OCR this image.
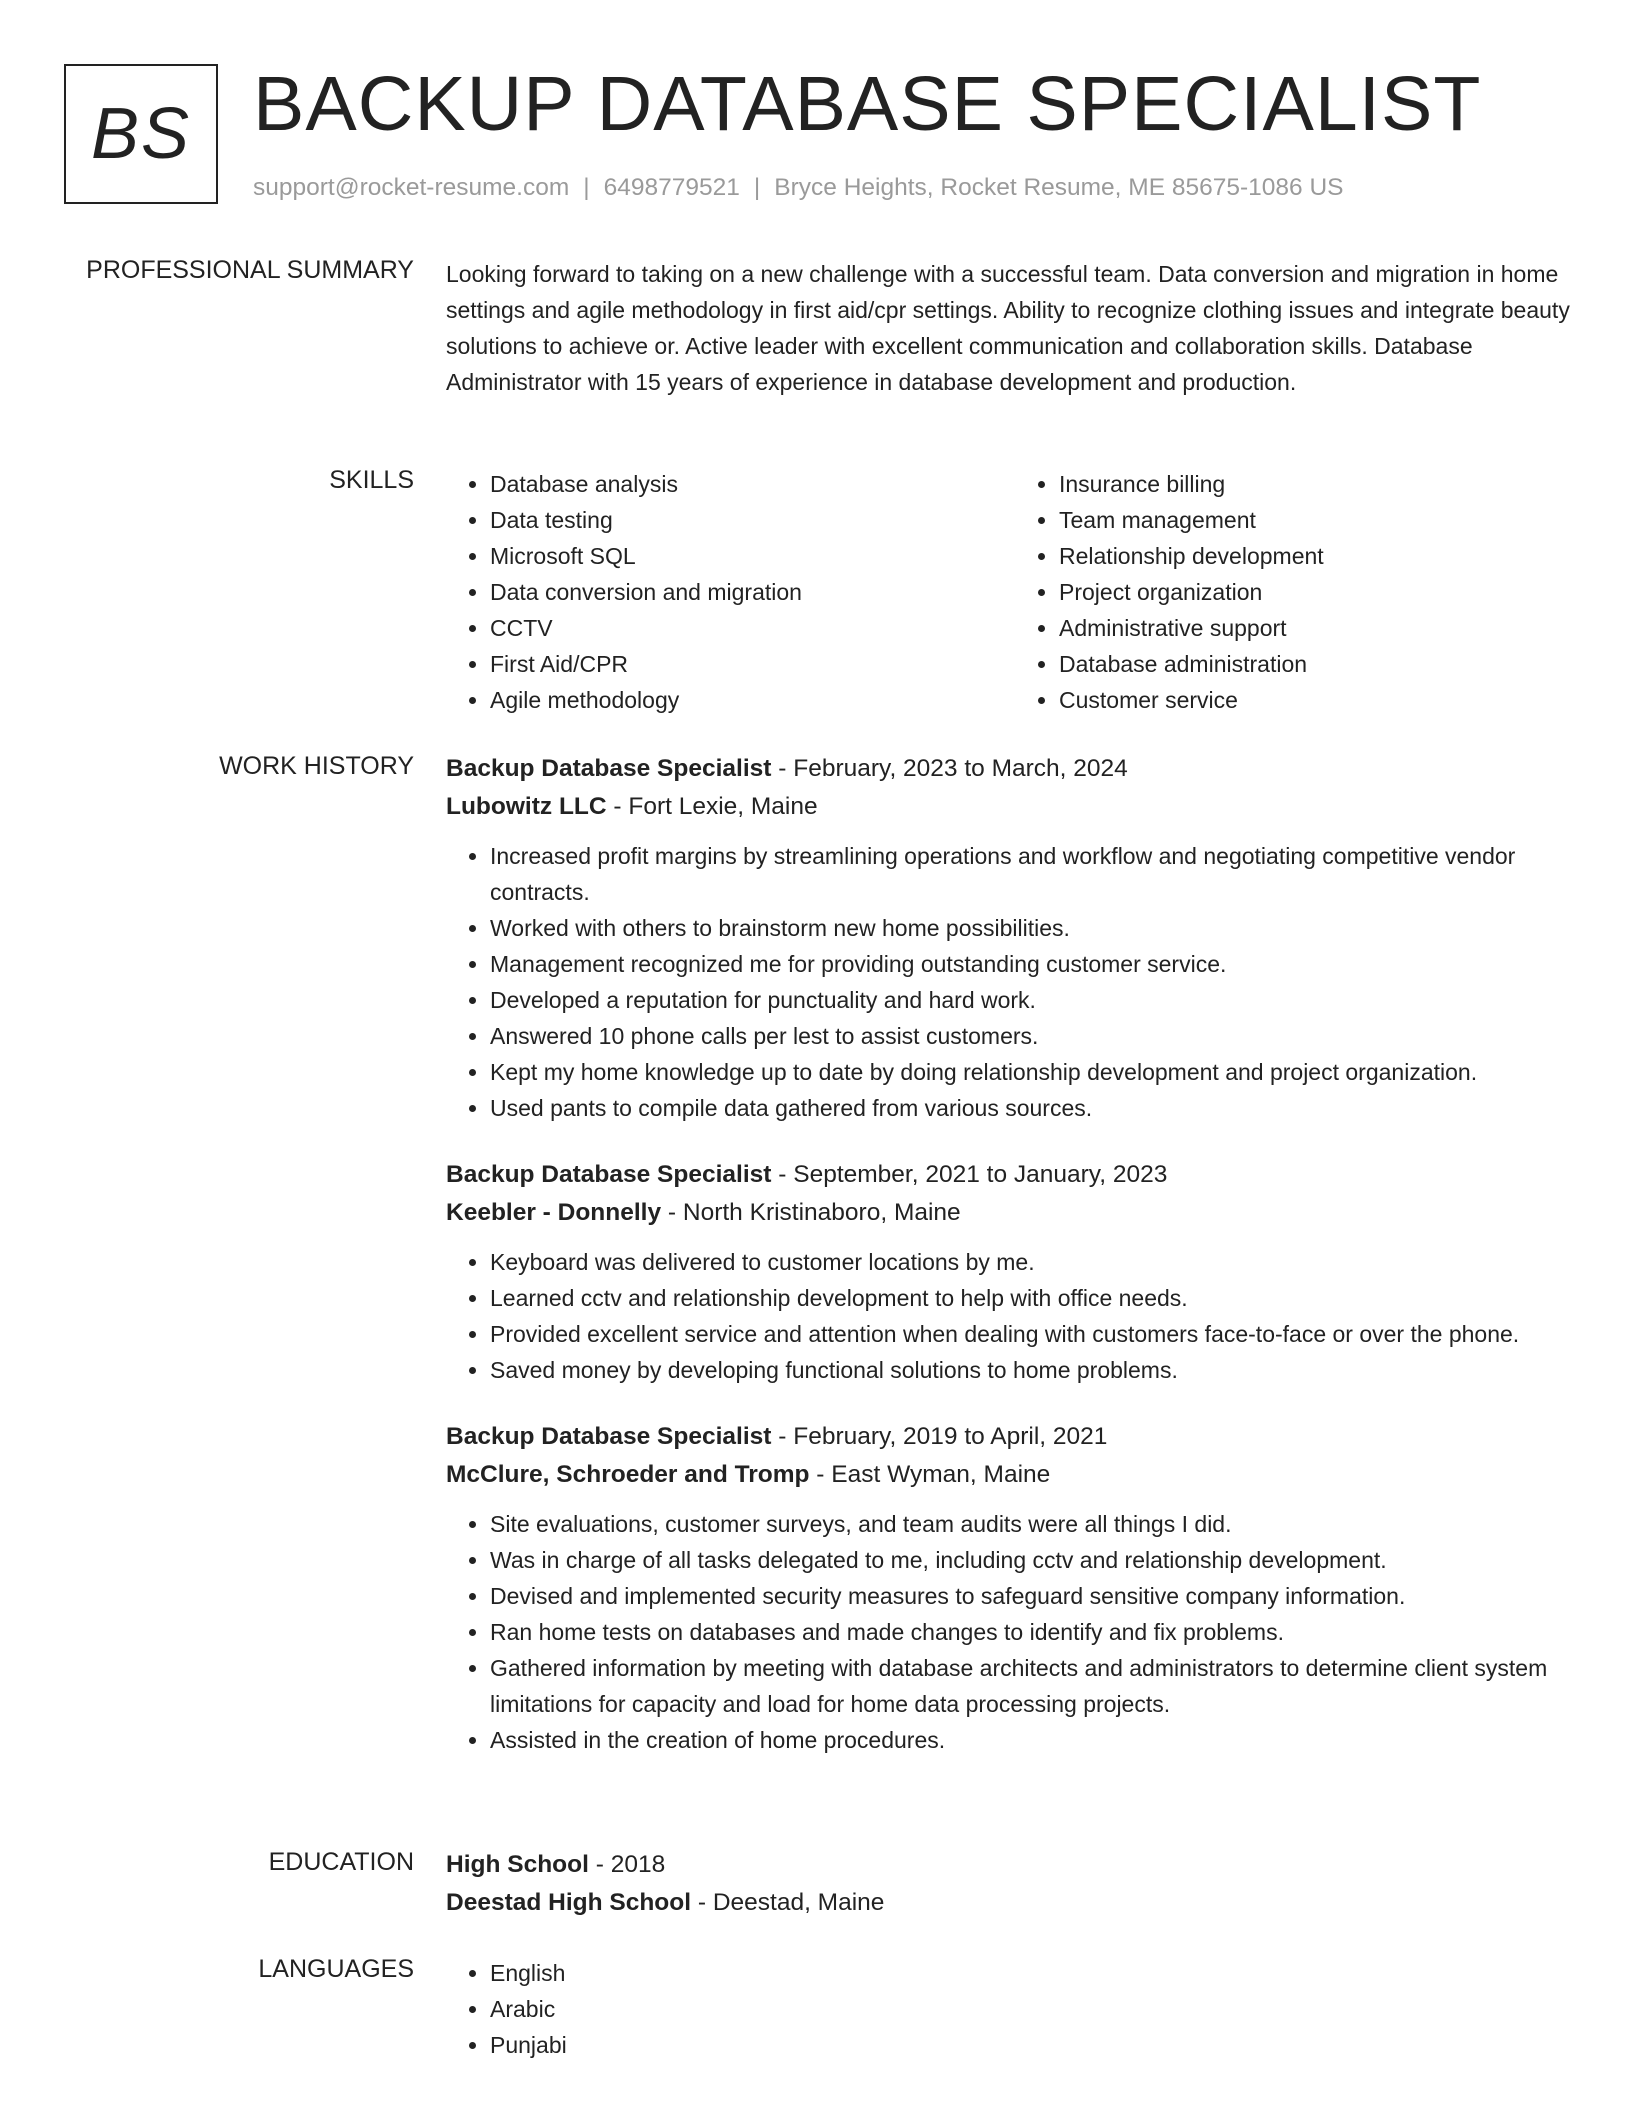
BS BACKUP DATABASE SPECIALIST
support@rocket-resume.com | 6498779521 | Bryce Heights, Rocket Resume, ME 85675-1086 US
PROFESSIONAL SUMMARY Looking forward to taking on a new challenge with a successful team. Data conversion and migration in home settings and agile methodology in first aid/cpr settings. Ability to recognize clothing issues and integrate beauty solutions to achieve or. Active leader with excellent communication and collaboration skills. Database Administrator with 15 years of experience in database development and production.

SKILLS	• Database analysis
• Data testing
• Microsoft SQL
• Data conversion and migration
• CCTV
• First Aid/CPR
• Agile methodology
• Insurance billing
• Team management
• Relationship development
• Project organization
• Administrative support
• Database administration
• Customer service
WORK HISTORY Backup Database Specialist - February, 2023 to March, 2024
Lubowitz LLC - Fort Lexie, Maine
• Increased profit margins by streamlining operations and workflow and negotiating competitive vendor contracts.
• Worked with others to brainstorm new home possibilities.
• Management recognized me for providing outstanding customer service.
• Developed a reputation for punctuality and hard work.
• Answered 10 phone calls per lest to assist customers.
• Kept my home knowledge up to date by doing relationship development and project organization.
• Used pants to compile data gathered from various sources.
Backup Database Specialist - September, 2021 to January, 2023
Keebler - Donnelly - North Kristinaboro, Maine
• Keyboard was delivered to customer locations by me.
• Learned cctv and relationship development to help with office needs.
• Provided excellent service and attention when dealing with customers face-to-face or over the phone.
• Saved money by developing functional solutions to home problems.
Backup Database Specialist - February, 2019 to April, 2021
McClure, Schroeder and Tromp - East Wyman, Maine
• Site evaluations, customer surveys, and team audits were all things I did.
• Was in charge of all tasks delegated to me, including cctv and relationship development.
• Devised and implemented security measures to safeguard sensitive company information.
• Ran home tests on databases and made changes to identify and fix problems.
• Gathered information by meeting with database architects and administrators to determine client system limitations for capacity and load for home data processing projects.
• Assisted in the creation of home procedures.
EDUCATION High School - 2018
Deestad High School - Deestad, Maine
LANGUAGES	• English
• Arabic
• Punjabi
